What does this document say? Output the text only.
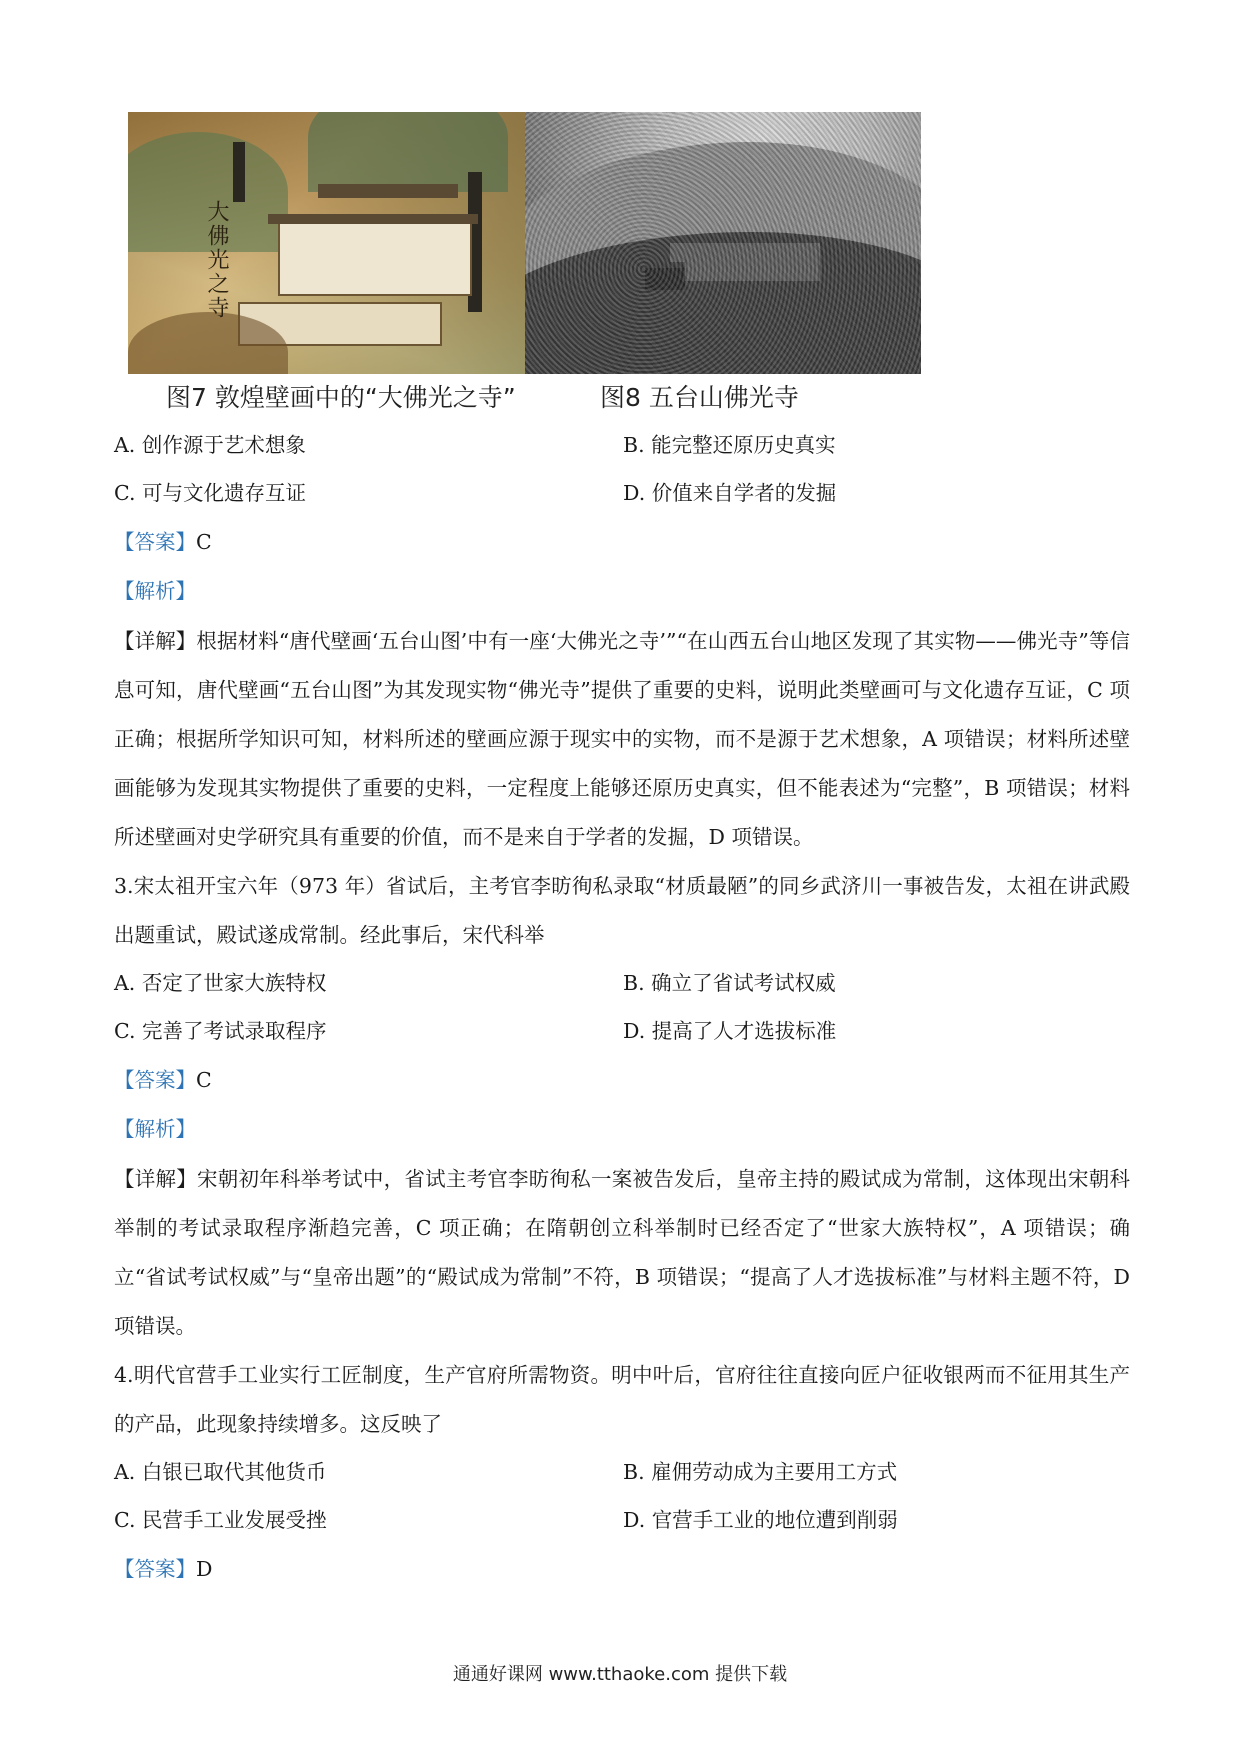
大佛光之寺
图7 敦煌壁画中的“大佛光之寺”	图8 五台山佛光寺
A. 创作源于艺术想象	B. 能完整还原历史真实
C. 可与文化遗存互证	D. 价值来自学者的发掘
【答案】C
【解析】
【详解】根据材料“唐代壁画‘五台山图’中有一座‘大佛光之寺’”“在山西五台山地区发现了其实物——佛光寺”等信息可知，唐代壁画“五台山图”为其发现实物“佛光寺”提供了重要的史料，说明此类壁画可与文化遗存互证，C 项正确；根据所学知识可知，材料所述的壁画应源于现实中的实物，而不是源于艺术想象，A 项错误；材料所述壁画能够为发现其实物提供了重要的史料，一定程度上能够还原历史真实，但不能表述为“完整”，B 项错误；材料所述壁画对史学研究具有重要的价值，而不是来自于学者的发掘，D 项错误。
3.宋太祖开宝六年（973 年）省试后，主考官李昉徇私录取“材质最陋”的同乡武济川一事被告发，太祖在讲武殿出题重试，殿试遂成常制。经此事后，宋代科举
A. 否定了世家大族特权	B. 确立了省试考试权威
C. 完善了考试录取程序	D. 提高了人才选拔标准
【答案】C
【解析】
【详解】宋朝初年科举考试中，省试主考官李昉徇私一案被告发后，皇帝主持的殿试成为常制，这体现出宋朝科举制的考试录取程序渐趋完善，C 项正确；在隋朝创立科举制时已经否定了“世家大族特权”，A 项错误；确立“省试考试权威”与“皇帝出题”的“殿试成为常制”不符，B 项错误；“提高了人才选拔标准”与材料主题不符，D 项错误。
4.明代官营手工业实行工匠制度，生产官府所需物资。明中叶后，官府往往直接向匠户征收银两而不征用其生产的产品，此现象持续增多。这反映了
A. 白银已取代其他货币	B. 雇佣劳动成为主要用工方式
C. 民营手工业发展受挫	D. 官营手工业的地位遭到削弱
【答案】D
通通好课网 www.tthaoke.com 提供下载
